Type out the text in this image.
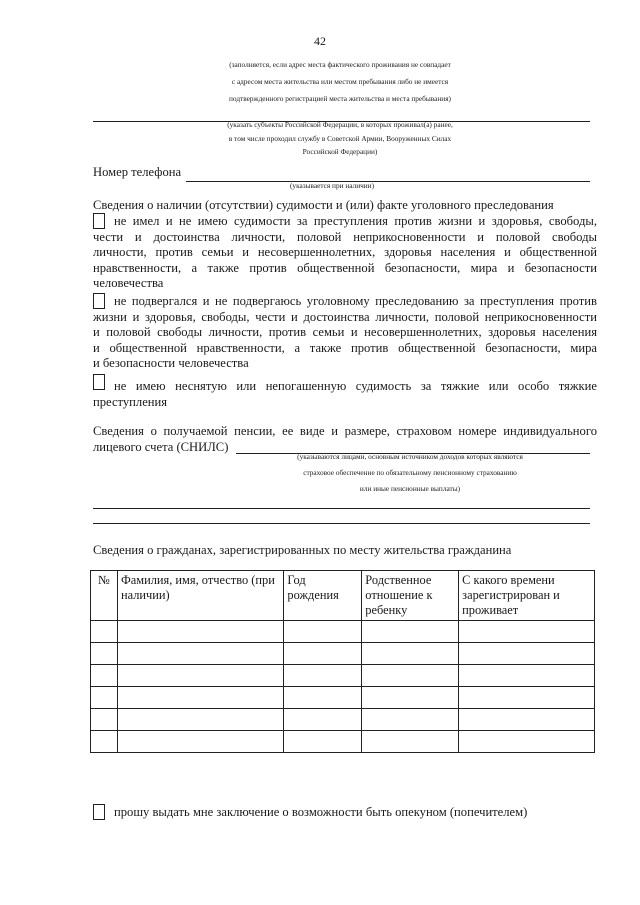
42
(заполняется, если адрес места фактического проживания не совпадает
с адресом места жительства или местом пребывания либо не имеется
подтвержденного регистрацией места жительства и места пребывания)
(указать субъекты Российской Федерации, в которых проживал(а) ранее,
в том числе проходил службу в Советской Армии, Вооруженных Силах
Российской Федерации)
Номер телефона
(указывается при наличии)
Сведения о наличии (отсутствии) судимости и (или) факте уголовного преследования
не имел и не имею судимости за преступления против жизни и здоровья, свободы,
чести и достоинства личности, половой неприкосновенности и половой свободы
личности, против семьи и несовершеннолетних, здоровья населения и общественной
нравственности, а также против общественной безопасности, мира и безопасности
человечества
не подвергался и не подвергаюсь уголовному преследованию за преступления против
жизни и здоровья, свободы, чести и достоинства личности, половой неприкосновенности
и половой свободы личности, против семьи и несовершеннолетних, здоровья населения
и общественной нравственности, а также против общественной безопасности, мира
и безопасности человечества
не имею неснятую или непогашенную судимость за тяжкие или особо тяжкие
преступления
Сведения о получаемой пенсии, ее виде и размере, страховом номере индивидуального
лицевого счета (СНИЛС)
(указываются лицами, основным источником доходов которых являются
страховое обеспечение по обязательному пенсионному страхованию
или иные пенсионные выплаты)
Сведения о гражданах, зарегистрированных по месту жительства гражданина
№	Фамилия, имя, отчество (при наличии)	Год рождения	Родственное отношение к ребенку	С какого времени зарегистрирован и проживает

прошу выдать мне заключение о возможности быть опекуном (попечителем)
